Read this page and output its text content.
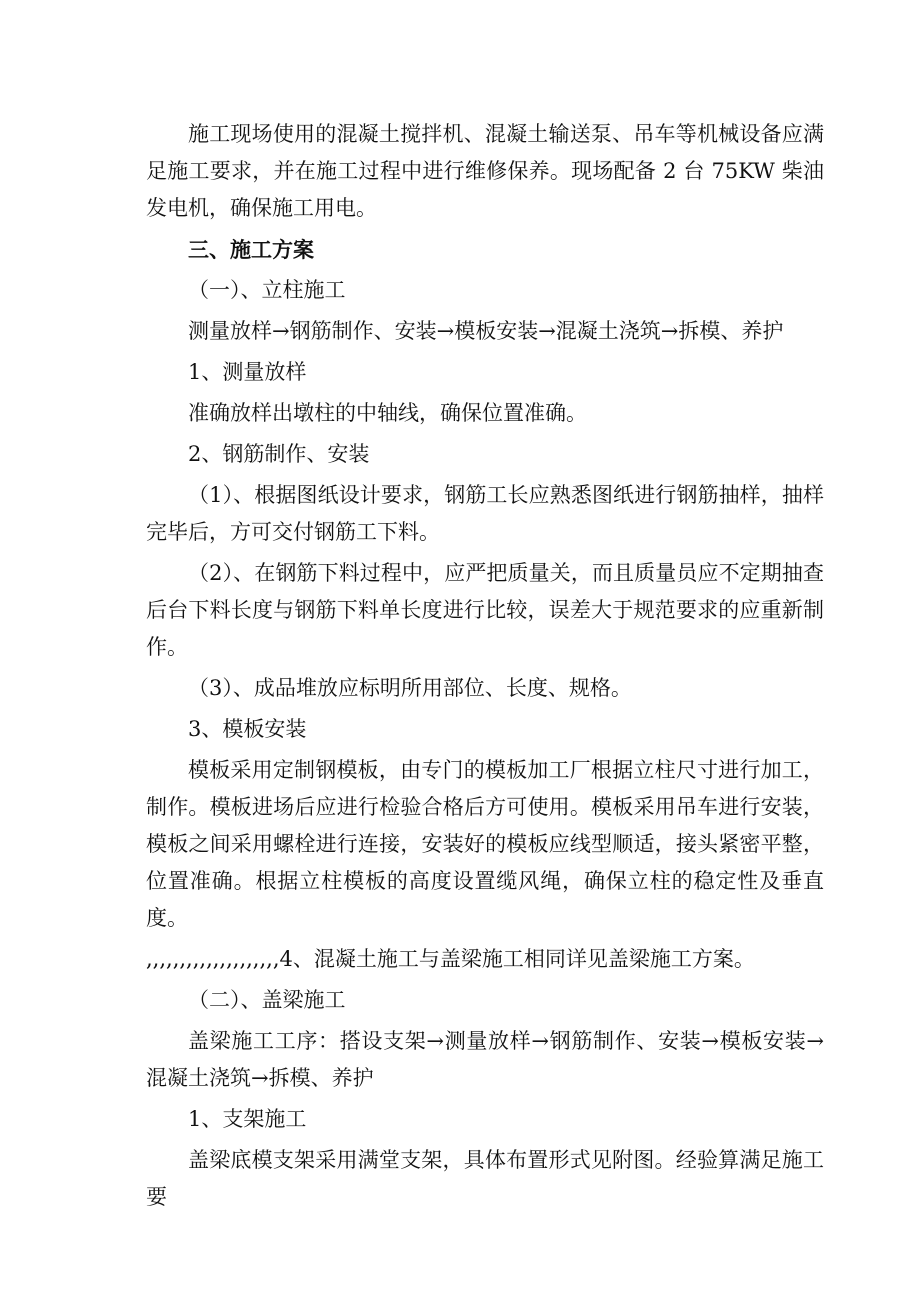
施工现场使用的混凝土搅拌机、混凝土输送泵、吊车等机械设备应满足施工要求，并在施工过程中进行维修保养。现场配备 2 台 75KW 柴油发电机，确保施工用电。

三、施工方案

（一）、立柱施工

测量放样→钢筋制作、安装→模板安装→混凝土浇筑→拆模、养护

1、测量放样

准确放样出墩柱的中轴线，确保位置准确。

2、钢筋制作、安装

（1）、根据图纸设计要求，钢筋工长应熟悉图纸进行钢筋抽样，抽样完毕后，方可交付钢筋工下料。

（2）、在钢筋下料过程中，应严把质量关，而且质量员应不定期抽查后台下料长度与钢筋下料单长度进行比较，误差大于规范要求的应重新制作。

（3）、成品堆放应标明所用部位、长度、规格。

3、模板安装

模板采用定制钢模板，由专门的模板加工厂根据立柱尺寸进行加工，制作。模板进场后应进行检验合格后方可使用。模板采用吊车进行安装，模板之间采用螺栓进行连接，安装好的模板应线型顺适，接头紧密平整，位置准确。根据立柱模板的高度设置缆风绳，确保立柱的稳定性及垂直度。

,,,,,,,,,,,,,,,,,,,,4、混凝土施工与盖梁施工相同详见盖梁施工方案。

（二）、盖梁施工

盖梁施工工序：搭设支架→测量放样→钢筋制作、安装→模板安装→混凝土浇筑→拆模、养护

1、支架施工

盖梁底模支架采用满堂支架，具体布置形式见附图。经验算满足施工要
